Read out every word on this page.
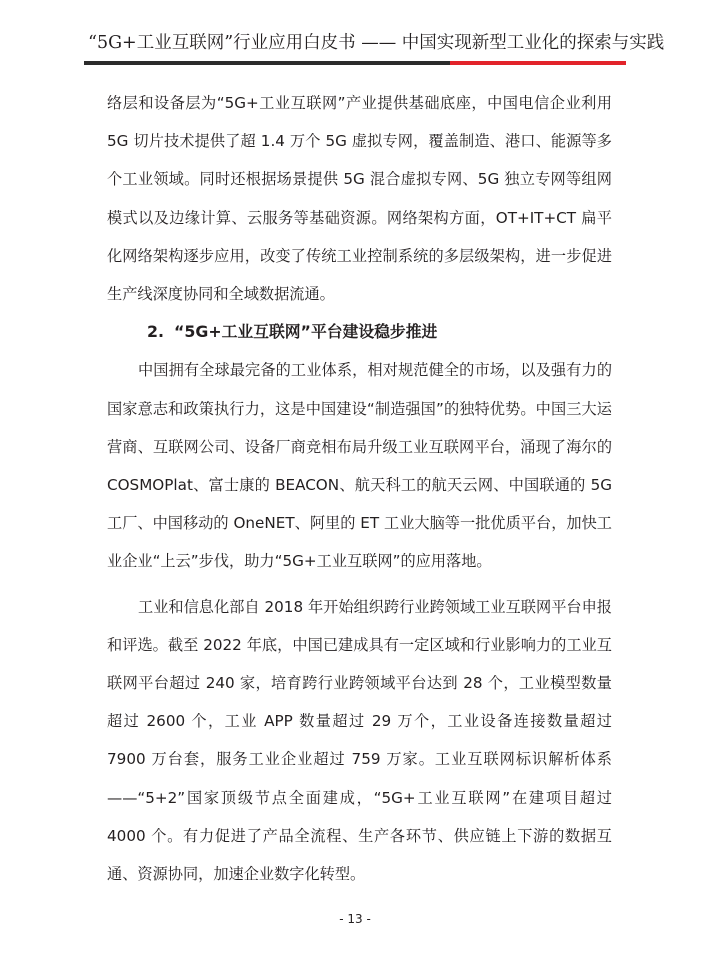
“5G+工业互联网”行业应用白皮书 —— 中国实现新型工业化的探索与实践

络层和设备层为“5G+工业互联网”产业提供基础底座，中国电信企业利用 5G 切片技术提供了超 1.4 万个 5G 虚拟专网，覆盖制造、港口、能源等多个工业领域。同时还根据场景提供 5G 混合虚拟专网、5G 独立专网等组网模式以及边缘计算、云服务等基础资源。网络架构方面，OT+IT+CT 扁平化网络架构逐步应用，改变了传统工业控制系统的多层级架构，进一步促进生产线深度协同和全域数据流通。

2. “5G+工业互联网”平台建设稳步推进

中国拥有全球最完备的工业体系，相对规范健全的市场，以及强有力的国家意志和政策执行力，这是中国建设“制造强国”的独特优势。中国三大运营商、互联网公司、设备厂商竞相布局升级工业互联网平台，涌现了海尔的 COSMOPlat、富士康的 BEACON、航天科工的航天云网、中国联通的 5G 工厂、中国移动的 OneNET、阿里的 ET 工业大脑等一批优质平台，加快工业企业“上云”步伐，助力“5G+工业互联网”的应用落地。

工业和信息化部自 2018 年开始组织跨行业跨领域工业互联网平台申报和评选。截至 2022 年底，中国已建成具有一定区域和行业影响力的工业互联网平台超过 240 家，培育跨行业跨领域平台达到 28 个，工业模型数量超过 2600 个，工业 APP 数量超过 29 万个，工业设备连接数量超过 7900 万台套，服务工业企业超过 759 万家。工业互联网标识解析体系——“5+2”国家顶级节点全面建成，“5G+工业互联网”在建项目超过 4000 个。有力促进了产品全流程、生产各环节、供应链上下游的数据互通、资源协同，加速企业数字化转型。

- 13 -
